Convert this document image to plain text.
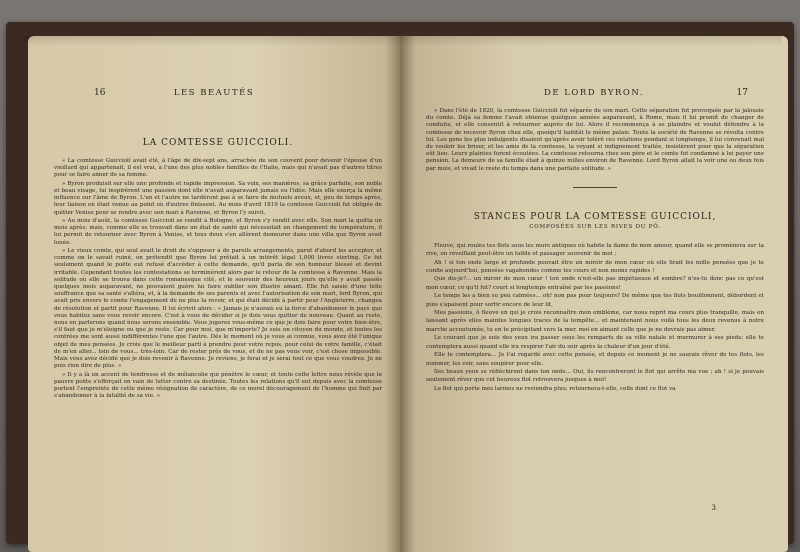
16	LES BEAUTÉS
LA COMTESSE GUICCIOLI.

« La comtesse Guiccioli avait été, à l'âge de dix-sept ans, arrachée de son couvent pour devenir l'épouse d'un vieillard qui appartenait, il est vrai, à l'une des plus nobles familles de l'Italie, mais qui n'avait pas d'autres titres pour se faire aimer de sa femme.

» Byron produisit sur elle une profonde et rapide impression. Sa voix, ses manières, sa grâce parfaite, son noble et beau visage, lui inspirèrent une passion dont elle n'avait auparavant jamais eu l'idée. Mais elle exerça la même influence sur l'âme de Byron. L'un et l'autre ne tardèrent pas à se faire de mutuels aveux, et, peu de temps après, leur liaison en était venue au point où d'autres finissent. Au mois d'avril 1819 la comtesse Guiccioli fut obligée de quitter Venise pour se rendre avec son mari à Ravenne, et Byron l'y suivit.

» Au mois d'août, la comtesse Guiccioli se rendit à Bologne, et Byron s'y rendit avec elle. Son mari la quitta un mois après; mais, comme elle se trouvait dans un état de santé qui nécessitait un changement de température, il lui permit de retourner avec Byron à Venise, et tous deux s'en allèrent demeurer dans une villa que Byron avait louée.

» Le vieux comte, qui seul avait le droit de s'opposer à de pareils arrangements, parut d'abord les accepter, et comme on le savait ruiné, on prétendit que Byron lui prêtait à un intérêt légal 1,000 livres sterling. Ce fut seulement quand le poëte eut refusé d'accéder à cette demande, qu'il parla de son honneur blessé et devint irritable. Cependant toutes les contestations se terminèrent alors par le retour de la comtesse à Ravenne. Mais la solitude où elle se trouva dans cette romanesque cité, et le souvenir des heureux jours qu'elle y avait passés quelques mois auparavant, ne pouvaient guère lui faire oublier son illustre amant. Elle fut saisie d'une telle souffrance que sa santé s'altéra, et, à la demande de ses parents et avec l'autorisation de son mari, lord Byron, qui avait pris envers le comte l'engagement de ne plus la revoir, et qui était décidé à partir pour l'Angleterre, changea de résolution et partit pour Ravenne. Il lui écrivit alors : « Jamais je n'aurais eu la force d'abandonner le pays que vous habitez sans vous revoir encore. C'est à vous de décider si je dois vous quitter de nouveau. Quant au reste, nous en parlerons quand nous serons ensemble. Vous jugerez vous-même ce que je dois faire pour votre bien-être, s'il faut que je m'éloigne ou que je reste. Car pour moi, que m'importe? Je suis un citoyen du monde, et toutes les contrées me sont aussi indifférentes l'une que l'autre. Dès le moment où je vous ai connue, vous avez été l'unique objet de mes pensées. Je crois que le meilleur parti à prendre pour votre repos, pour celui de votre famille, c'était de m'en aller... loin de vous... très-loin. Car de rester près de vous, et de ne pas vous voir, c'est chose impossible. Mais vous avez décidé que je dois revenir à Ravenne. Je reviens, je ferai et je serai tout ce que vous voudrez. Je ne puis rien dire de plus. »

» Il y a là un accent de tendresse et de mélancolie qui pénètre le cœur, et toute cette lettre nous révèle que le pauvre poëte s'efforçait en vain de lutter contre sa destinée. Toutes les relations qu'il eut depuis avec la comtesse portent l'empreinte de cette même résignation de caractère, de ce morel découragement de l'homme qui finit par s'abandonner à la fatalité de sa vie. »

17
DE LORD BYRON.

« Dans l'été de 1820, la comtesse Guiccioli fut séparée de son mari. Cette séparation fut provoquée par la jalousie du comte. Déjà sa femme l'avait obtenue quelques années auparavant, à Rome, mais il lui promit de changer de conduite, et elle consentit à retourner auprès de lui. Alors il recommença à se plaindre et voulut défendre à la comtesse de recevoir Byron chez elle, quoiqu'il habitât le même palais. Toute la société de Ravenne se révolta contre lui. Les gens les plus indulgents disaient qu'après avoir toléré ces relations pendant si longtemps, il lui convenait mal de vouloir les briser, et les amis de la comtesse, la voyant si indignement traitée, insistèrent pour que la séparation eût lieu. Leurs plaintes furent écoutées. La comtesse retourna chez son père et le comte fut condamné à lui payer une pension. La demeure de sa famille était à quinze milles environ de Ravenne. Lord Byron allait la voir une ou deux fois par mois, et vivait le reste du temps dans une parfaite solitude. »

STANCES POUR LA COMTESSE GUICCIOLI,
COMPOSÉES SUR LES RIVES DU PÔ.

Fleuve, qui roules tes flots sous les murs antiques où habite la dame de mon amour, quand elle se promènera sur ta rive, en réveillant peut-être un faible et passager souvenir de moi ;

Ah ! si ton onde large et profonde pouvait être un miroir de mon cœur où elle lirait les mille pensées que je te confie aujourd'hui, pensées vagabondes comme tes cours et non moins rapides !

Que dis-je?... un miroir de mon cœur ! ton onde n'est-elle pas impétueuse et sombre? n'es-tu donc pas ce qu'est mon cœur, ce qu'il fut? court si longtemps entraîné par les passions!

Le temps les a bien su peu calmées... oh! non pas pour toujours? De même que tes flots bouillonnent, débordent et puis s'apaisent pour sortir encore de leur lit,

Mes passions, ô fleuve en qui je crois reconnaître mon emblème, car nous reprit ma cours plus tranquille, mais en laissant après elles maintes longues traces de la tempête... et maintenant nous voilà tous les deux revenus à notre marche accoutumée, tu en te précipitant vers la mer, moi en aimant celle que je ne devrais pas aimer.

Le courant que je suis des yeux ira passer sous les remparts de sa ville natale et murmurer à ses pieds; elle te contemplera aussi quand elle ira respirer l'air du soir après la chaleur d'un jour d'été.

Elle te contemplera... Je t'ai regardé avec cette pensée, et depuis ce moment je ne saurais rêver de tes flots, les nommer, les voir, sans soupirer pour elle.

Ses beaux yeux se réfléchiront dans ton onde... Oui, ils rencontreront le flot qui arrête ma vue ; ah ! si je pouvais seulement rêver que cet heureux flot retrouvera jusques à moi!

Le flot qui porte mes larmes ne reviendra plus; retournera-t-elle, celle dont ce flot va

3
